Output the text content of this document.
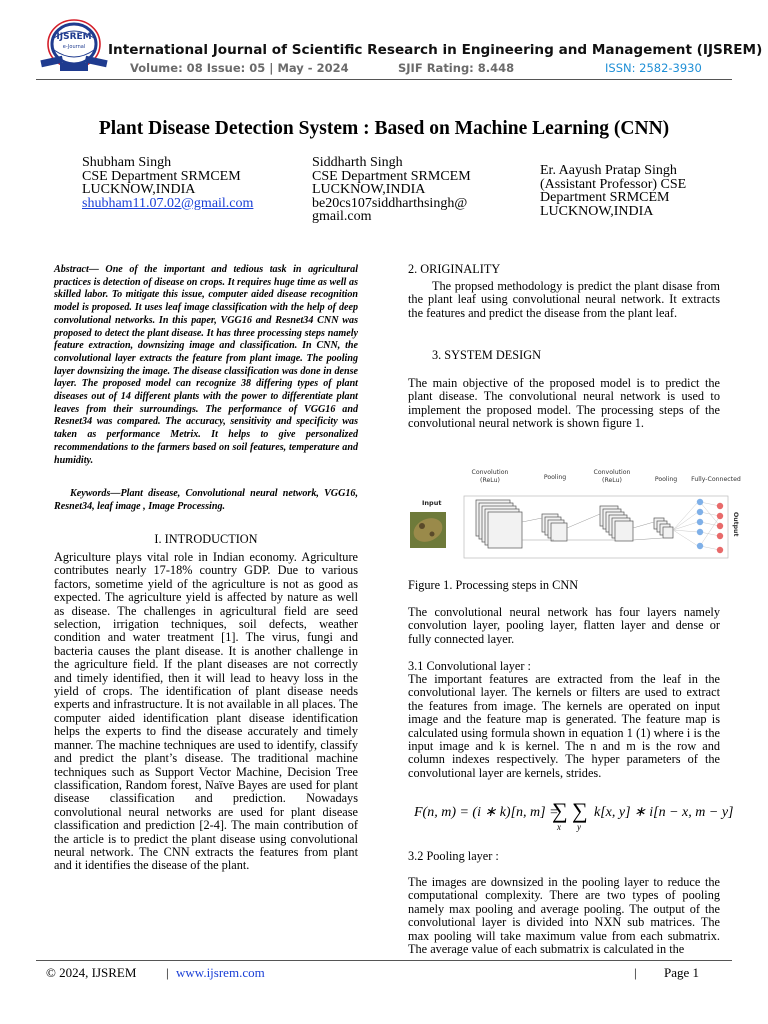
IJSREM
e-Journal International Journal of Scientific Research in Engineering and Management (IJSREM)
Volume: 08 Issue: 05 | May - 2024	SJIF Rating: 8.448	ISSN: 2582-3930
Plant Disease Detection System : Based on Machine Learning (CNN)
Shubham Singh
CSE Department SRMCEM
LUCKNOW,INDIA
shubham11.07.02@gmail.com
Siddharth Singh
CSE Department SRMCEM
LUCKNOW,INDIA
be20cs107siddharthsingh@
gmail.com
Er. Aayush Pratap Singh
(Assistant Professor) CSE
Department SRMCEM
LUCKNOW,INDIA
Abstract— One of the important and tedious task in agricultural practices is detection of disease on crops. It requires huge time as well as skilled labor. To mitigate this issue, computer aided disease recognition model is proposed. It uses leaf image classification with the help of deep convolutional networks. In this paper, VGG16 and Resnet34 CNN was proposed to detect the plant disease. It has three processing steps namely feature extraction, downsizing image and classification. In CNN, the convolutional layer extracts the feature from plant image. The pooling layer downsizing the image. The disease classification was done in dense layer. The proposed model can recognize 38 differing types of plant diseases out of 14 different plants with the power to differentiate plant leaves from their surroundings. The performance of VGG16 and Resnet34 was compared. The accuracy, sensitivity and specificity was taken as performance Metrix. It helps to give personalized recommendations to the farmers based on soil features, temperature and humidity.
Keywords—Plant disease, Convolutional neural network, VGG16, Resnet34, leaf image , Image Processing.
I. INTRODUCTION
Agriculture plays vital role in Indian economy. Agriculture contributes nearly 17-18% country GDP. Due to various factors, sometime yield of the agriculture is not as good as expected. The agriculture yield is affected by nature as well as disease. The challenges in agricultural field are seed selection, irrigation techniques, soil defects, weather condition and water treatment [1]. The virus, fungi and bacteria causes the plant disease. It is another challenge in the agriculture field. If the plant diseases are not correctly and timely identified, then it will lead to heavy loss in the yield of crops. The identification of plant disease needs experts and infrastructure. It is not available in all places. The computer aided identification plant disease identification helps the experts to find the disease accurately and timely manner. The machine techniques are used to identify, classify and predict the plant’s disease. The traditional machine techniques such as Support Vector Machine, Decision Tree classification, Random forest, Naïve Bayes are used for plant disease classification and prediction. Nowadays convolutional neural networks are used for plant disease classification and prediction [2-4]. The main contribution of the article is to predict the plant disease using convolutional neural network. The CNN extracts the features from plant and it identifies the disease of the plant.
2. ORIGINALITY
The propsed methodology is predict the plant disase from the plant leaf using convolutional neural network. It extracts the features and predict the disease from the plant leaf.
3. SYSTEM DESIGN
The main objective of the proposed model is to predict the plant disease. The convolutional neural network is used to implement the proposed model. The processing steps of the convolutional neural network is shown figure 1.
Convolution
(ReLu)	Pooling
Convolution
(ReLu)	Pooling Fully-Connected
Input
Output
Figure 1. Processing steps in CNN
The convolutional neural network has four layers namely convolution layer, pooling layer, flatten layer and dense or fully connected layer.
3.1 Convolutional layer :
The important features are extracted from the leaf in the convolutional layer. The kernels or filters are used to extract the features from image. The kernels are operated on input image and the feature map is generated. The feature map is calculated using formula shown in equation 1 (1) where i is the input image and k is kernel. The n and m is the row and column indexes respectively. The hyper parameters of the convolutional layer are kernels, strides.
F(n, m) = (i ∗ k)[n, m] =
∑
x
∑
y
k[x, y] ∗ i[n − x, m − y]
3.2 Pooling layer :
The images are downsized in the pooling layer to reduce the computational complexity. There are two types of pooling namely max pooling and average pooling. The output of the convolutional layer is divided into NXN sub matrices. The max pooling will take maximum value from each submatrix. The average value of each submatrix is calculated in the
© 2024, IJSREM | www.ijsrem.com	| Page 1
